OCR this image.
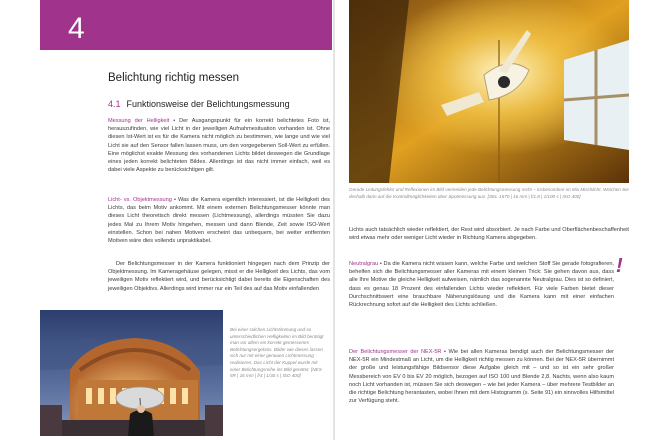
4
Belichtung richtig messen
4.1 Funktionsweise der Belichtungsmessung
Messung der Helligkeit • Der Ausgangspunkt für ein korrekt belichtetes Foto ist, herauszufinden, wie viel Licht in der jeweiligen Aufnahmesituation vorhanden ist. Ohne diesen Ist-Wert ist es für die Kamera nicht möglich zu bestimmen, wie lange und wie viel Licht sie auf den Sensor fallen lassen muss, um den vorgegebenen Soll-Wert zu erfüllen. Eine möglichst exakte Messung des vorhandenen Lichts bildet deswegen die Grundlage eines jeden korrekt belichteten Bildes. Allerdings ist das nicht immer einfach, weil es dabei viele Aspekte zu berücksichtigen gilt.
Licht- vs. Objektmessung • Was die Kamera eigentlich interessiert, ist die Helligkeit des Lichts, das beim Motiv ankommt. Mit einem externen Belichtungsmesser könnte man dieses Licht theoretisch direkt messen (Lichtmessung), allerdings müssten Sie dazu jedes Mal zu Ihrem Motiv hingehen, messen und dann Blende, Zeit sowie ISO-Wert einstellen. Schon bei nahen Motiven erscheint das unbequem, bei weiter entfernten Motiven wäre dies vollends unpraktikabel.
Der Belichtungsmesser in der Kamera funktioniert hingegen nach dem Prinzip der Objektmessung. Im Kameragehäuse gelegen, misst er die Helligkeit des Lichts, das vom jeweiligen Motiv reflektiert wird, und berücksichtigt dabei bereits die Eigenschaften des jeweiligen Objektivs. Allerdings wird immer nur ein Teil des auf das Motiv einfallenden
Bei einer solchen Lichtstimmung und so unterschiedlichen Helligkeiten im Bild benötigt man vor allem ein korrekt gemessenes Belichtungsergebnis. Bilder wie dieses lassen sich nur mit einer genauen Lichtmessung realisieren. Das Licht der Kuppel wurde mit einer Belichtungsreihe ins Bild gerettet. [NEX-5R | 16 mm | f/4 | 1/30 s | ISO 400]
Gerade Leitungsfehler und Reflexionen im Bild vermeiden jede Belichtungsmessung recht – insbesondere im Mix Mischlicht. Weichen Sie deshalb darin auf die Kontrollmöglichkeiten über Spotmessung aus. [SEL-1670 | 16 mm | f/1.8 | 1/100 s | ISO 400]
Lichts auch tatsächlich wieder reflektiert, der Rest wird absorbiert. Je nach Farbe und Oberflächenbeschaffenheit wird etwas mehr oder weniger Licht wieder in Richtung Kamera abgegeben.
Neutralgrau • Da die Kamera nicht wissen kann, welche Farbe und welchen Stoff Sie gerade fotografieren, behelfen sich die Belichtungsmesser aller Kameras mit einem kleinen Trick: Sie gehen davon aus, dass alle Ihre Motive die gleiche Helligkeit aufweisen, nämlich das sogenannte Neutralgrau. Dies ist so definiert, dass es genau 18 Prozent des einfallenden Lichts wieder reflektiert. Für viele Farben bietet dieser Durchschnittswert eine brauchbare Näherungslösung und die Kamera kann mit einer einfachen Rückrechnung sofort auf die Helligkeit des Lichts schließen.
!
Der Belichtungsmesser der NEX-5R • Wie bei allen Kameras bendigt auch der Belichtungsmesser der NEX-5R ein Mindestmaß an Licht, um die Helligkeit richtig messen zu können. Bei der NEX-5R übernimmt der große und leistungsfähige Bildsensor diese Aufgabe gleich mit – und so ist ein sehr großer Messbereich von EV 0 bis EV 20 möglich, bezogen auf ISO 100 und Blende 2,8. Nachts, wenn also kaum noch Licht vorhanden ist, müssen Sie sich deswegen – wie bei jeder Kamera – über mehrere Testbilder an die richtige Belichtung herantasten, wobei Ihnen mit dem Histogramm (s. Seite 91) ein sinnvolles Hilfsmittel zur Verfügung steht.
